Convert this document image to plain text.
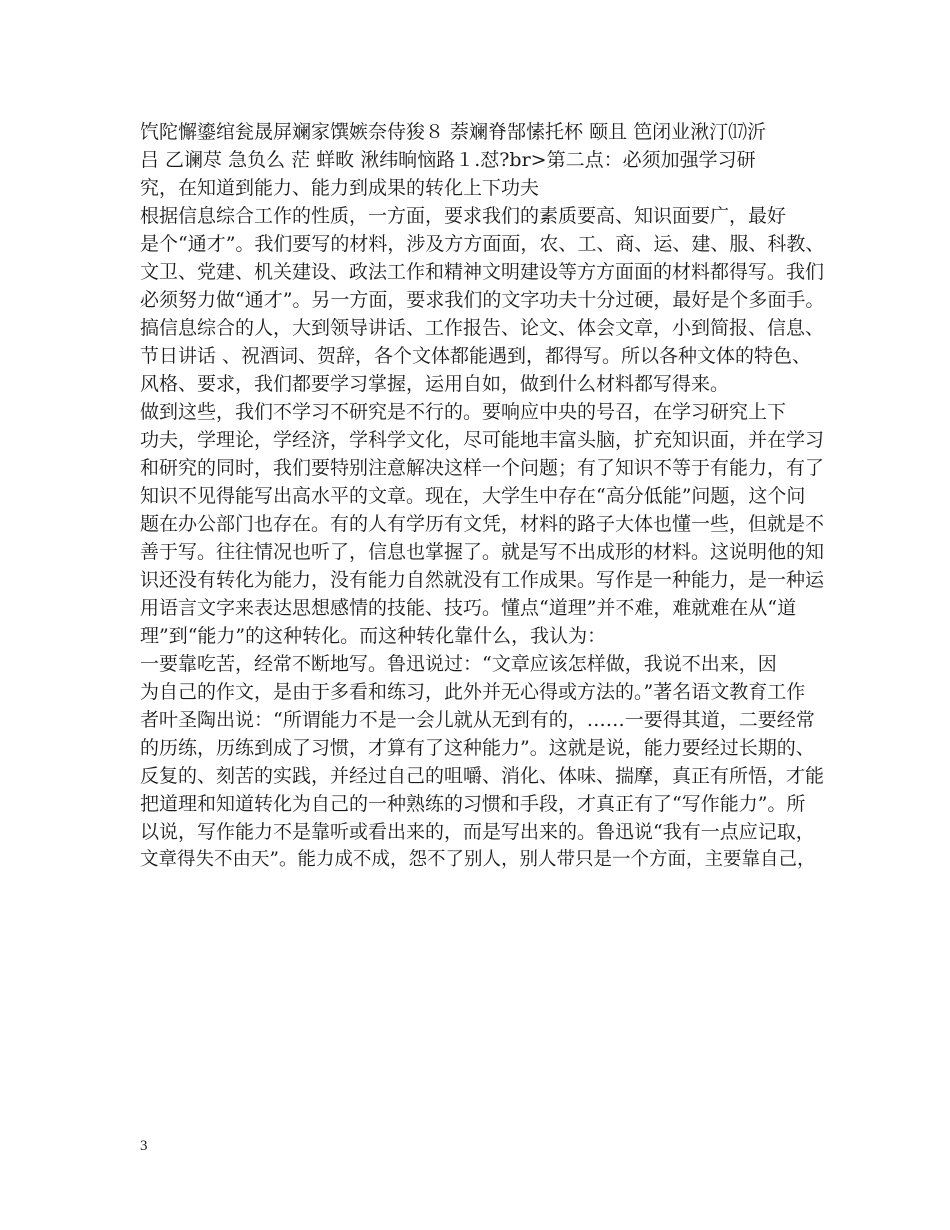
饩陀懈鎏绾瓮晟屏斓家馔嫉奈侍狻８ 萘斓脊郜愫托杯 颐且 笆闭业湫汀⒄沂
吕 乙谰荩 急负么 茫 蛘畋 湫纬晌恼路１.怼?br>第二点：必须加强学习研
究，在知道到能力、能力到成果的转化上下功夫
根据信息综合工作的性质，一方面，要求我们的素质要高、知识面要广，最好
是个“通才”。我们要写的材料，涉及方方面面，农、工、商、运、建、服、科教、
文卫、党建、机关建设、政法工作和精神文明建设等方方面面的材料都得写。我们
必须努力做“通才”。另一方面，要求我们的文字功夫十分过硬，最好是个多面手。
搞信息综合的人，大到领导讲话、工作报告、论文、体会文章，小到简报、信息、
节日讲话 、祝酒词、贺辞，各个文体都能遇到，都得写。所以各种文体的特色、
风格、要求，我们都要学习掌握，运用自如，做到什么材料都写得来。
做到这些，我们不学习不研究是不行的。要响应中央的号召，在学习研究上下
功夫，学理论，学经济，学科学文化，尽可能地丰富头脑，扩充知识面，并在学习
和研究的同时，我们要特别注意解决这样一个问题；有了知识不等于有能力，有了
知识不见得能写出高水平的文章。现在，大学生中存在“高分低能”问题，这个问
题在办公部门也存在。有的人有学历有文凭，材料的路子大体也懂一些，但就是不
善于写。往往情况也听了，信息也掌握了。就是写不出成形的材料。这说明他的知
识还没有转化为能力，没有能力自然就没有工作成果。写作是一种能力，是一种运
用语言文字来表达思想感情的技能、技巧。懂点“道理”并不难，难就难在从“道
理”到“能力”的这种转化。而这种转化靠什么，我认为：
一要靠吃苦，经常不断地写。鲁迅说过：“文章应该怎样做，我说不出来，因
为自己的作文，是由于多看和练习，此外并无心得或方法的。”著名语文教育工作
者叶圣陶出说：“所谓能力不是一会儿就从无到有的，……一要得其道，二要经常
的历练，历练到成了习惯，才算有了这种能力”。这就是说，能力要经过长期的、
反复的、刻苦的实践，并经过自己的咀嚼、消化、体味、揣摩，真正有所悟，才能
把道理和知道转化为自己的一种熟练的习惯和手段，才真正有了“写作能力”。所
以说，写作能力不是靠听或看出来的，而是写出来的。鲁迅说“我有一点应记取，
文章得失不由天”。能力成不成，怨不了别人，别人带只是一个方面，主要靠自己，
3
